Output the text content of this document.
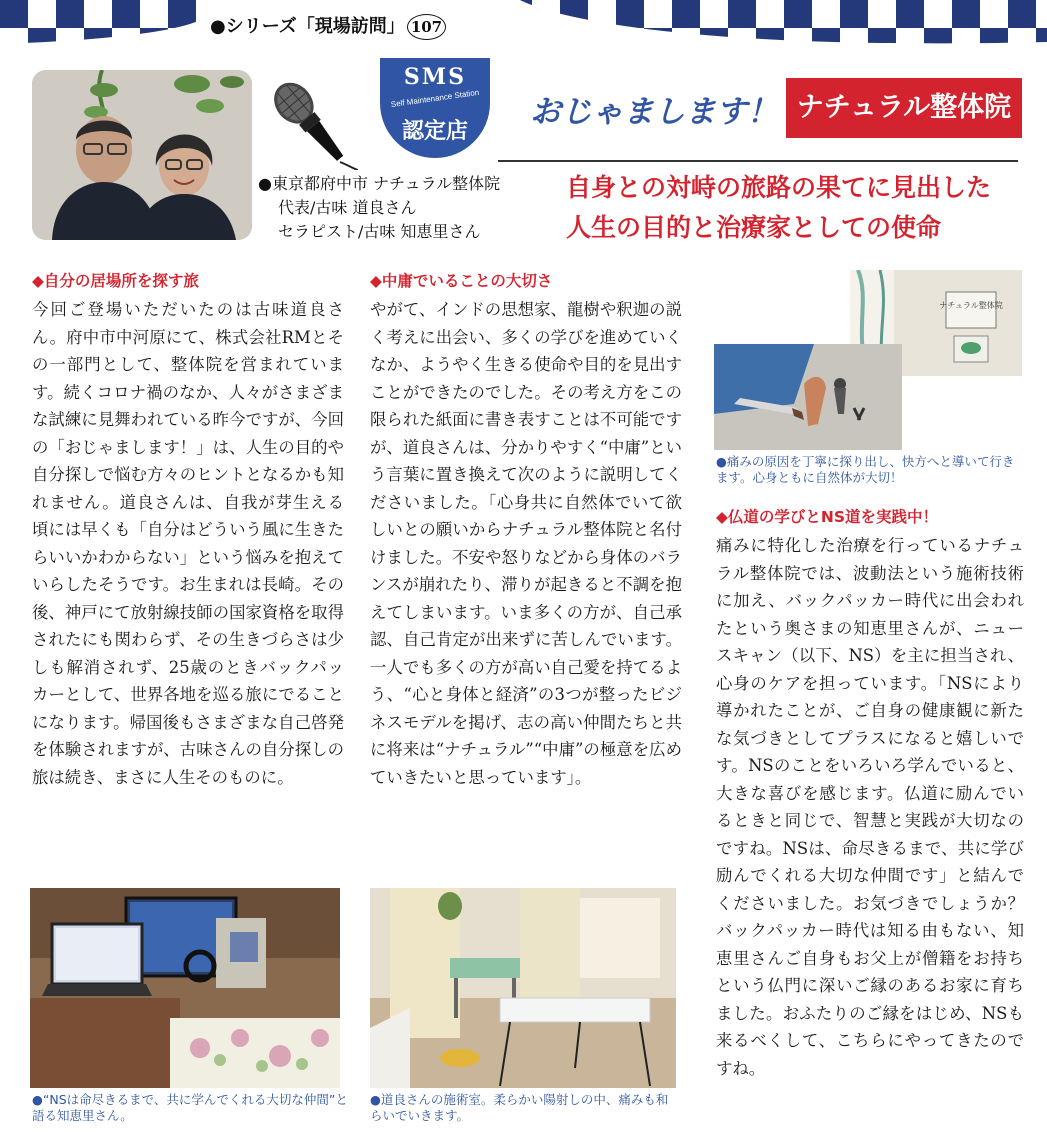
●シリーズ「現場訪問」 107
SMS
Self Maintenance Station
認定店
おじゃまします！ ナチュラル整体院
●東京都府中市 ナチュラル整体院
代表/古味 道良さん
セラピスト/古味 知恵里さん
自身との対峙の旅路の果てに見出した
人生の目的と治療家としての使命
◆自分の居場所を探す旅

今回ご登場いただいたのは古味道良さん。府中市中河原にて、株式会社RMとその一部門として、整体院を営まれています。続くコロナ禍のなか、人々がさまざまな試練に見舞われている昨今ですが、今回の「おじゃまします！」は、人生の目的や自分探しで悩む方々のヒントとなるかも知れません。道良さんは、自我が芽生える頃には早くも「自分はどういう風に生きたらいいかわからない」という悩みを抱えていらしたそうです。お生まれは長崎。その後、神戸にて放射線技師の国家資格を取得されたにも関わらず、その生きづらさは少しも解消されず、25歳のときバックパッカーとして、世界各地を巡る旅にでることになります。帰国後もさまざまな自己啓発を体験されますが、古味さんの自分探しの旅は続き、まさに人生そのものに。

●“NSは命尽きるまで、共に学んでくれる大切な仲間”と語る知恵里さん。
◆中庸でいることの大切さ

やがて、インドの思想家、龍樹や釈迦の説く考えに出会い、多くの学びを進めていくなか、ようやく生きる使命や目的を見出すことができたのでした。その考え方をこの限られた紙面に書き表すことは不可能ですが、道良さんは、分かりやすく“中庸”という言葉に置き換えて次のように説明してくださいました。「心身共に自然体でいて欲しいとの願いからナチュラル整体院と名付けました。不安や怒りなどから身体のバランスが崩れたり、滞りが起きると不調を抱えてしまいます。いま多くの方が、自己承認、自己肯定が出来ずに苦しんでいます。一人でも多くの方が高い自己愛を持てるよう、“心と身体と経済”の3つが整ったビジネスモデルを掲げ、志の高い仲間たちと共に将来は“ナチュラル”“中庸”の極意を広めていきたいと思っています」。

●道良さんの施術室。柔らかい陽射しの中、痛みも和らいでいきます。
ナチュラル整体院
●痛みの原因を丁寧に探り出し、快方へと導いて行きます。心身ともに自然体が大切！
◆仏道の学びとNS道を実践中！

痛みに特化した治療を行っているナチュラル整体院では、波動法という施術技術に加え、バックパッカー時代に出会われたという奥さまの知恵里さんが、ニュースキャン（以下、NS）を主に担当され、心身のケアを担っています。「NSにより導かれたことが、ご自身の健康観に新たな気づきとしてプラスになると嬉しいです。NSのことをいろいろ学んでいると、大きな喜びを感じます。仏道に励んでいるときと同じで、智慧と実践が大切なのですね。NSは、命尽きるまで、共に学び励んでくれる大切な仲間です」と結んでくださいました。お気づきでしょうか？　バックパッカー時代は知る由もない、知恵里さんご自身もお父上が僧籍をお持ちという仏門に深いご縁のあるお家に育ちました。おふたりのご縁をはじめ、NSも来るべくして、こちらにやってきたのですね。
